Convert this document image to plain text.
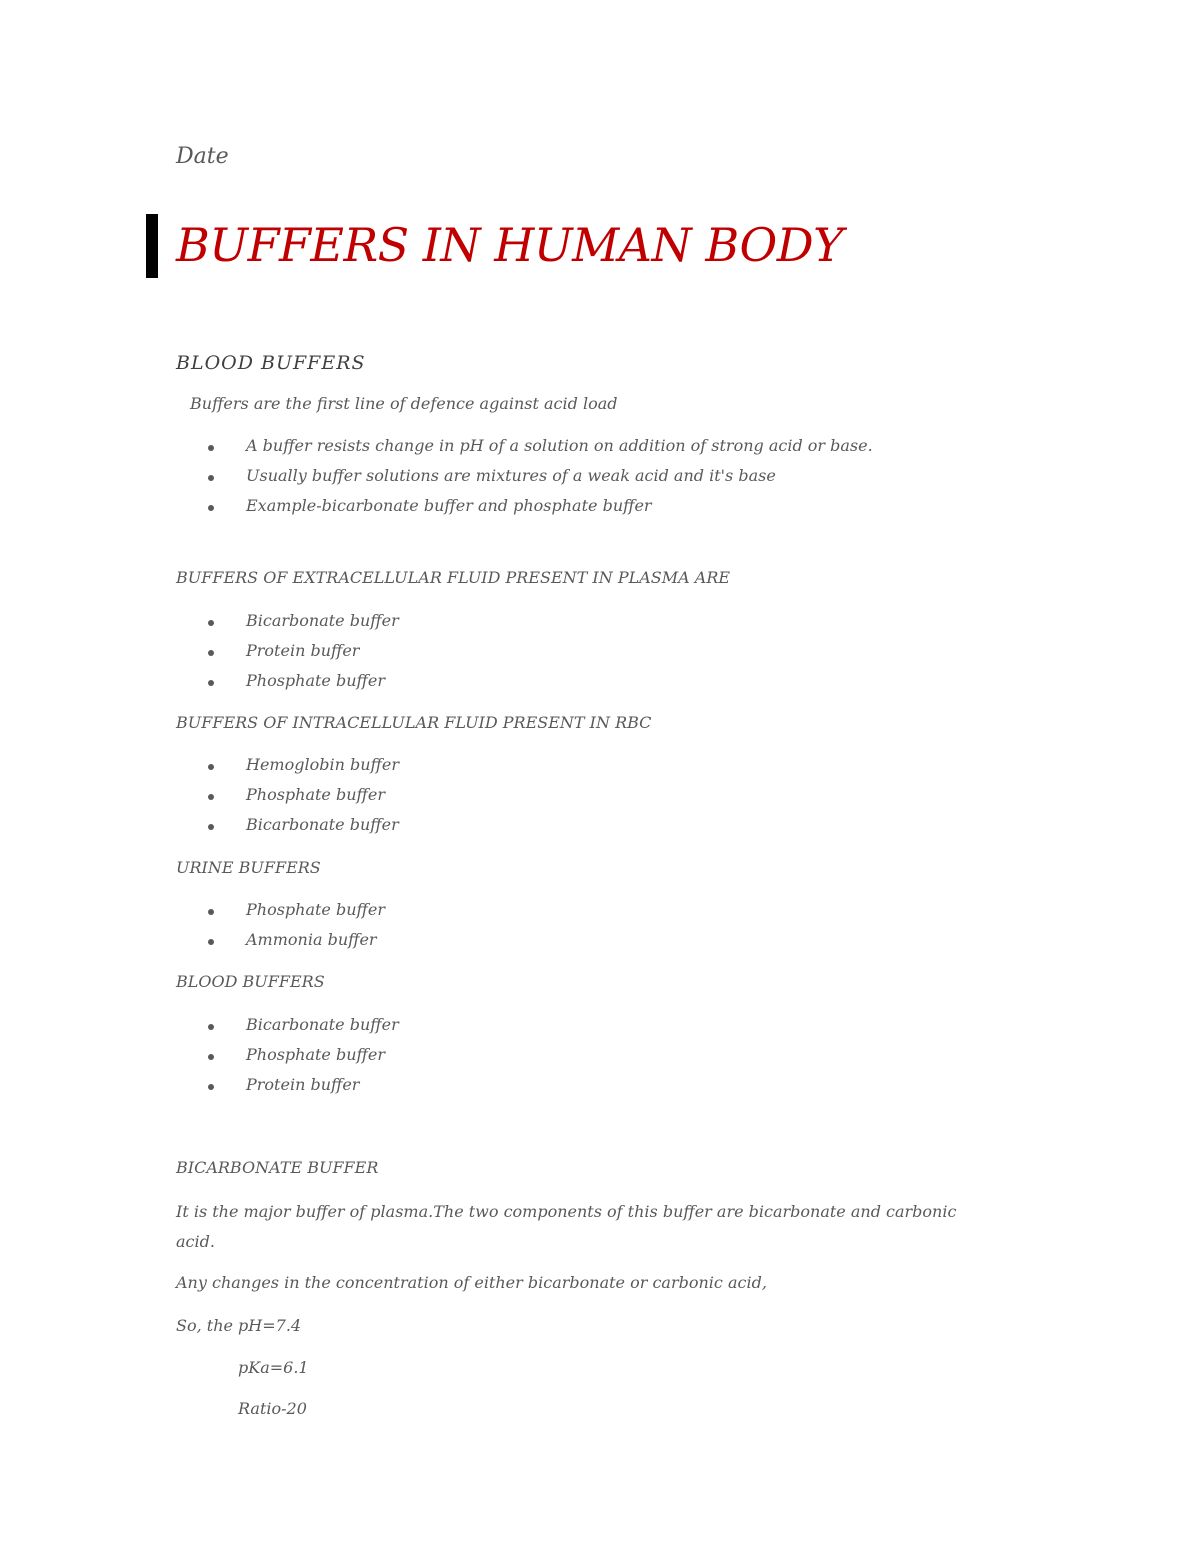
Date
BUFFERS IN HUMAN BODY
BLOOD BUFFERS
Buffers are the first line of defence against acid load
A buffer resists change in pH of a solution on addition of strong acid or base.
Usually buffer solutions are mixtures of a weak acid and it's base
Example-bicarbonate buffer and phosphate buffer
BUFFERS OF EXTRACELLULAR FLUID PRESENT IN PLASMA ARE
Bicarbonate buffer
Protein buffer
Phosphate buffer
BUFFERS OF INTRACELLULAR FLUID PRESENT IN RBC
Hemoglobin buffer
Phosphate buffer
Bicarbonate buffer
URINE BUFFERS
Phosphate buffer
Ammonia buffer
BLOOD BUFFERS
Bicarbonate buffer
Phosphate buffer
Protein buffer
BICARBONATE BUFFER
It is the major buffer of plasma.The two components of this buffer are bicarbonate and carbonic acid.
Any changes in the concentration of either bicarbonate or carbonic acid,
So, the pH=7.4
pKa=6.1
Ratio-20
